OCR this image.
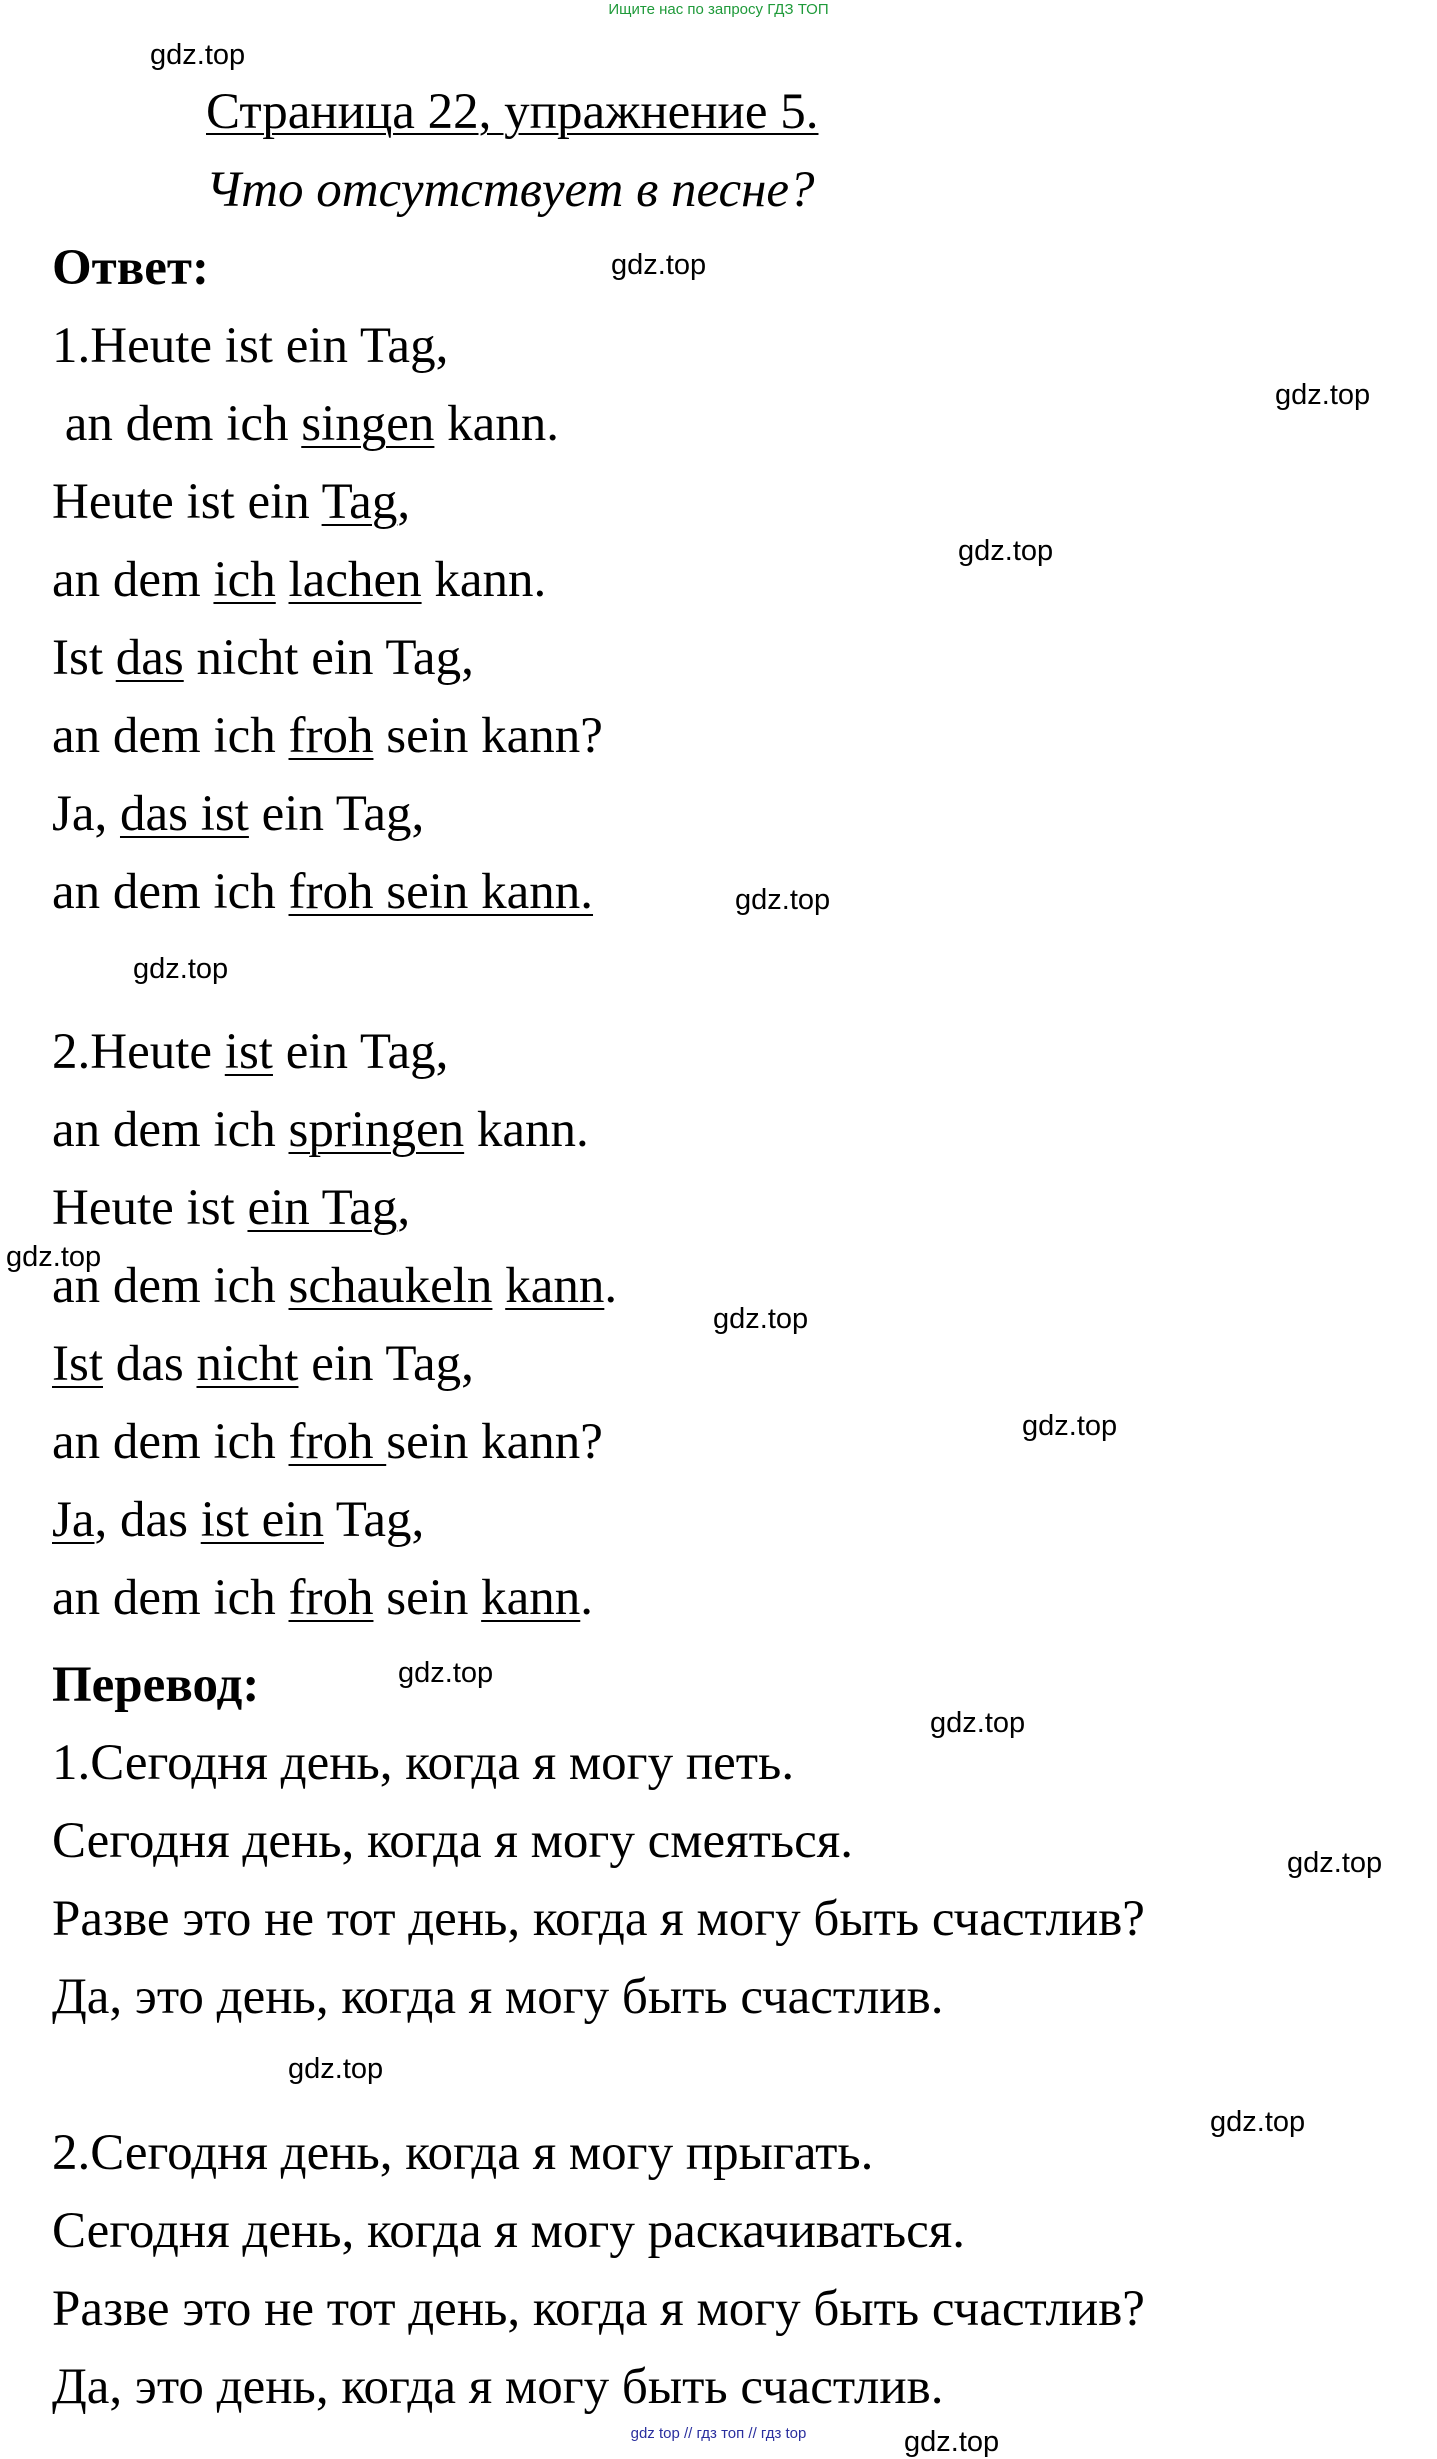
Ищите нас по запросу ГДЗ ТОП
gdz.top
gdz.top
gdz.top
gdz.top
gdz.top
gdz.top
gdz.top
gdz.top
gdz.top
gdz.top
gdz.top
gdz.top
gdz.top
gdz.top
gdz.top
Страница 22, упражнение 5.
Что отсутствует в песне?
Ответ:
1.Heute ist ein Tag,
an dem ich singen kann.
Heute ist ein Tag,
an dem ich lachen kann.
Ist das nicht ein Tag,
an dem ich froh sein kann?
Ja, das ist ein Tag,
an dem ich froh sein kann.
2.Heute ist ein Tag,
an dem ich springen kann.
Heute ist ein Tag,
an dem ich schaukeln kann.
Ist das nicht ein Tag,
an dem ich froh sein kann?
Ja, das ist ein Tag,
an dem ich froh sein kann.
Перевод:
1.Сегодня день, когда я могу петь.
Сегодня день, когда я могу смеяться.
Разве это не тот день, когда я могу быть счастлив?
Да, это день, когда я могу быть счастлив.
2.Сегодня день, когда я могу прыгать.
Сегодня день, когда я могу раскачиваться.
Разве это не тот день, когда я могу быть счастлив?
Да, это день, когда я могу быть счастлив.
gdz top // гдз топ // гдз top
